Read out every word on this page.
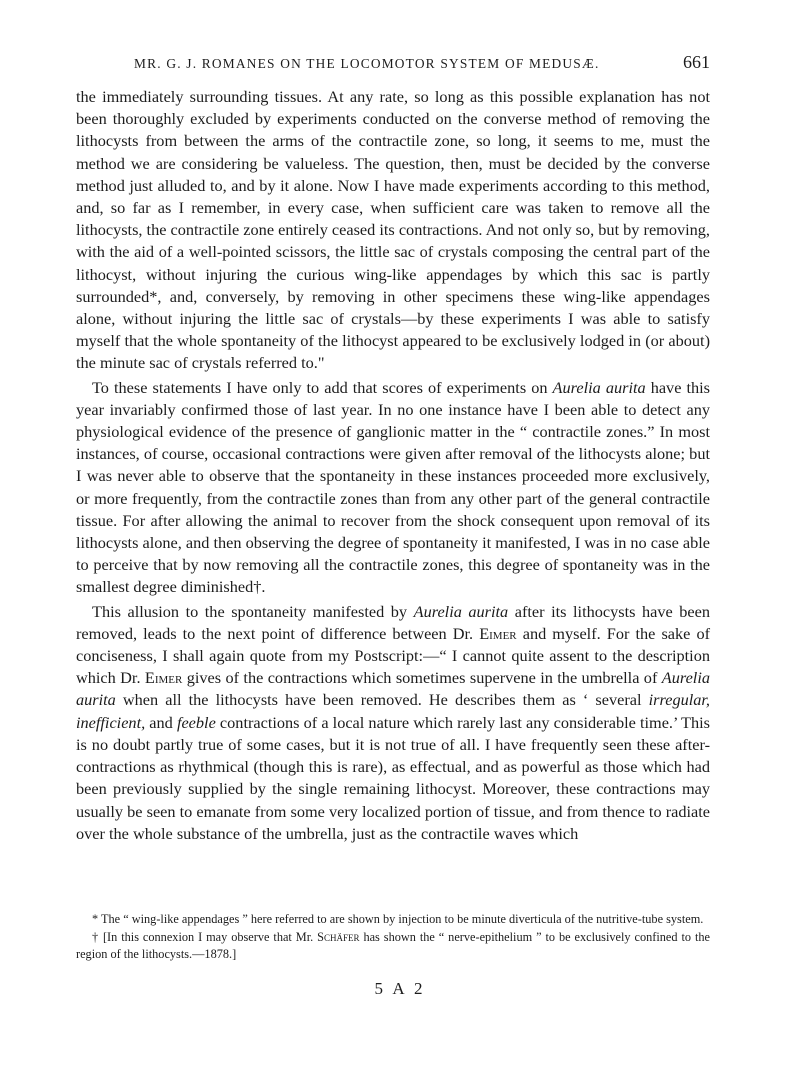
MR. G. J. ROMANES ON THE LOCOMOTOR SYSTEM OF MEDUSÆ.	661

the immediately surrounding tissues. At any rate, so long as this possible explanation has not been thoroughly excluded by experiments conducted on the converse method of removing the lithocysts from between the arms of the contractile zone, so long, it seems to me, must the method we are considering be valueless. The question, then, must be decided by the converse method just alluded to, and by it alone. Now I have made experiments according to this method, and, so far as I remember, in every case, when sufficient care was taken to remove all the lithocysts, the contractile zone entirely ceased its contractions. And not only so, but by removing, with the aid of a well-pointed scissors, the little sac of crystals composing the central part of the lithocyst, without injuring the curious wing-like appendages by which this sac is partly surrounded*, and, conversely, by removing in other specimens these wing-like appendages alone, without injuring the little sac of crystals—by these experiments I was able to satisfy myself that the whole spontaneity of the lithocyst appeared to be exclusively lodged in (or about) the minute sac of crystals referred to."

To these statements I have only to add that scores of experiments on Aurelia aurita have this year invariably confirmed those of last year. In no one instance have I been able to detect any physiological evidence of the presence of ganglionic matter in the “ contractile zones.” In most instances, of course, occasional contractions were given after removal of the lithocysts alone; but I was never able to observe that the spontaneity in these instances proceeded more exclusively, or more frequently, from the contractile zones than from any other part of the general contractile tissue. For after allowing the animal to recover from the shock consequent upon removal of its lithocysts alone, and then observing the degree of spontaneity it manifested, I was in no case able to perceive that by now removing all the contractile zones, this degree of spontaneity was in the smallest degree diminished†.

This allusion to the spontaneity manifested by Aurelia aurita after its lithocysts have been removed, leads to the next point of difference between Dr. Eimer and myself. For the sake of conciseness, I shall again quote from my Postscript:—“ I cannot quite assent to the description which Dr. Eimer gives of the contractions which sometimes supervene in the umbrella of Aurelia aurita when all the lithocysts have been removed. He describes them as ‘ several irregular, inefficient, and feeble contractions of a local nature which rarely last any considerable time.’ This is no doubt partly true of some cases, but it is not true of all. I have frequently seen these after-contractions as rhythmical (though this is rare), as effectual, and as powerful as those which had been previously supplied by the single remaining lithocyst. Moreover, these contractions may usually be seen to emanate from some very localized portion of tissue, and from thence to radiate over the whole substance of the umbrella, just as the contractile waves which

* The “ wing-like appendages ” here referred to are shown by injection to be minute diverticula of the nutritive-tube system.

† [In this connexion I may observe that Mr. Schäfer has shown the “ nerve-epithelium ” to be exclusively confined to the region of the lithocysts.—1878.]

5 A 2
